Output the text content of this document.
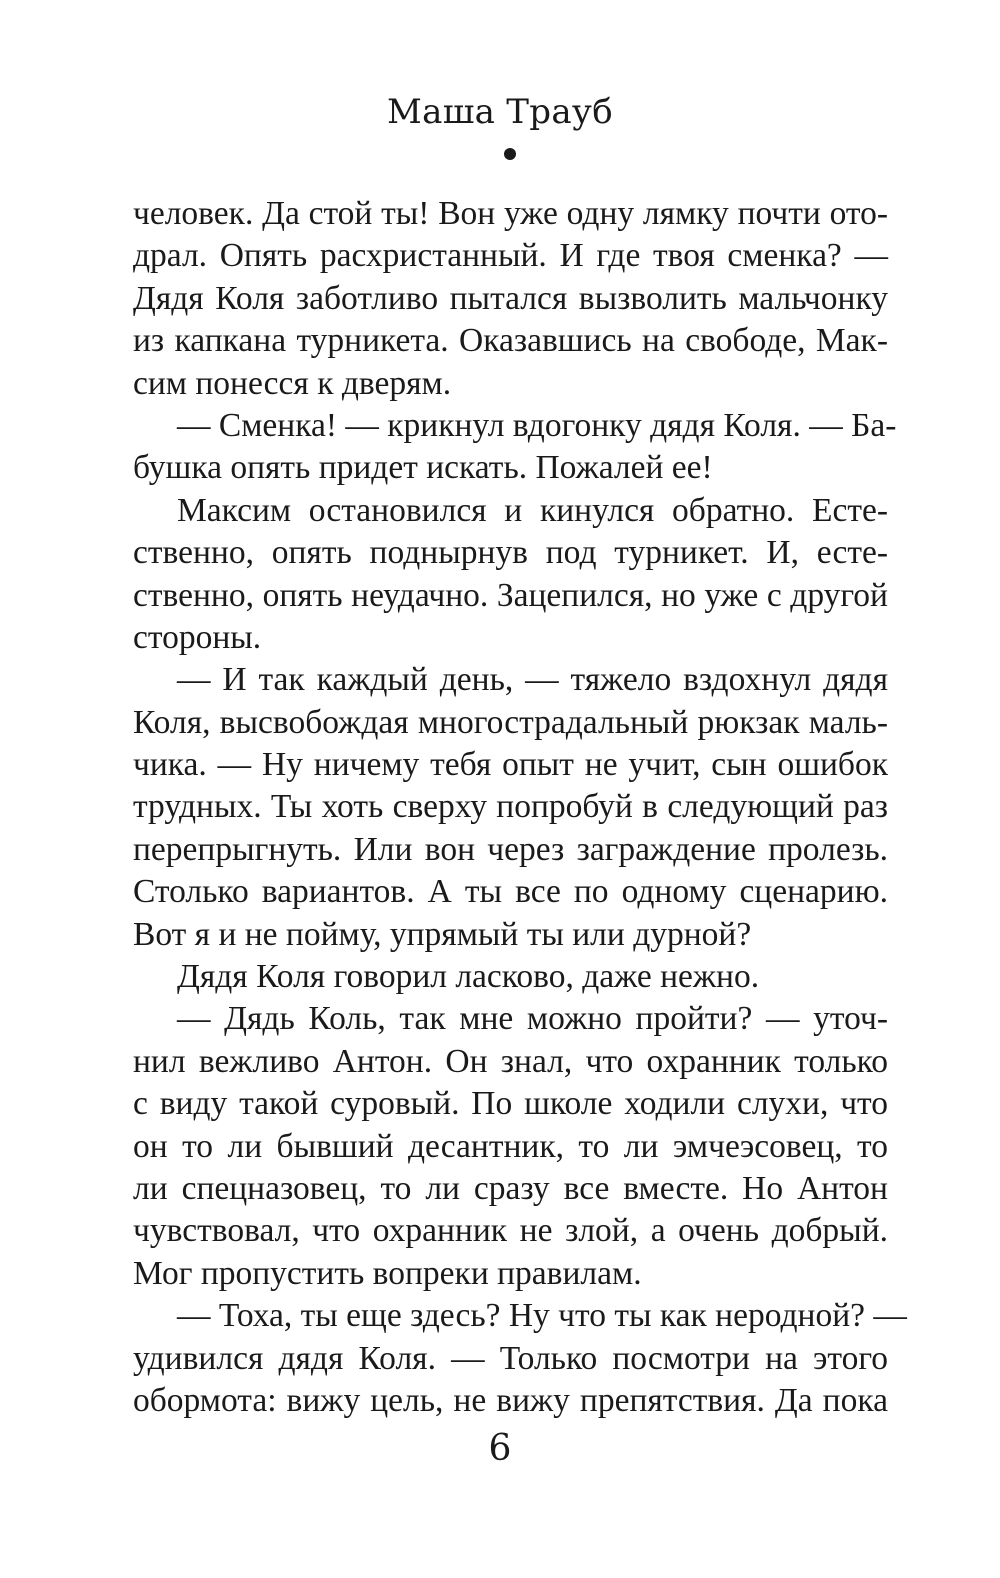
Маша Трауб
человек. Да стой ты! Вон уже одну лямку почти ото-
драл. Опять расхристанный. И где твоя сменка? —
Дядя Коля заботливо пытался вызволить мальчонку
из капкана турникета. Оказавшись на свободе, Мак-
сим понесся к дверям.
— Сменка! — крикнул вдогонку дядя Коля. — Ба-
бушка опять придет искать. Пожалей ее!
Максим остановился и кинулся обратно. Есте-
ственно, опять поднырнув под турникет. И, есте-
ственно, опять неудачно. Зацепился, но уже с другой
стороны.
— И так каждый день, — тяжело вздохнул дядя
Коля, высвобождая многострадальный рюкзак маль-
чика. — Ну ничему тебя опыт не учит, сын ошибок
трудных. Ты хоть сверху попробуй в следующий раз
перепрыгнуть. Или вон через заграждение пролезь.
Столько вариантов. А ты все по одному сценарию.
Вот я и не пойму, упрямый ты или дурной?
Дядя Коля говорил ласково, даже нежно.
— Дядь Коль, так мне можно пройти? — уточ-
нил вежливо Антон. Он знал, что охранник только
с виду такой суровый. По школе ходили слухи, что
он то ли бывший десантник, то ли эмчеэсовец, то
ли спецназовец, то ли сразу все вместе. Но Антон
чувствовал, что охранник не злой, а очень добрый.
Мог пропустить вопреки правилам.
— Тоха, ты еще здесь? Ну что ты как неродной? —
удивился дядя Коля. — Только посмотри на этого
обормота: вижу цель, не вижу препятствия. Да пока
6
